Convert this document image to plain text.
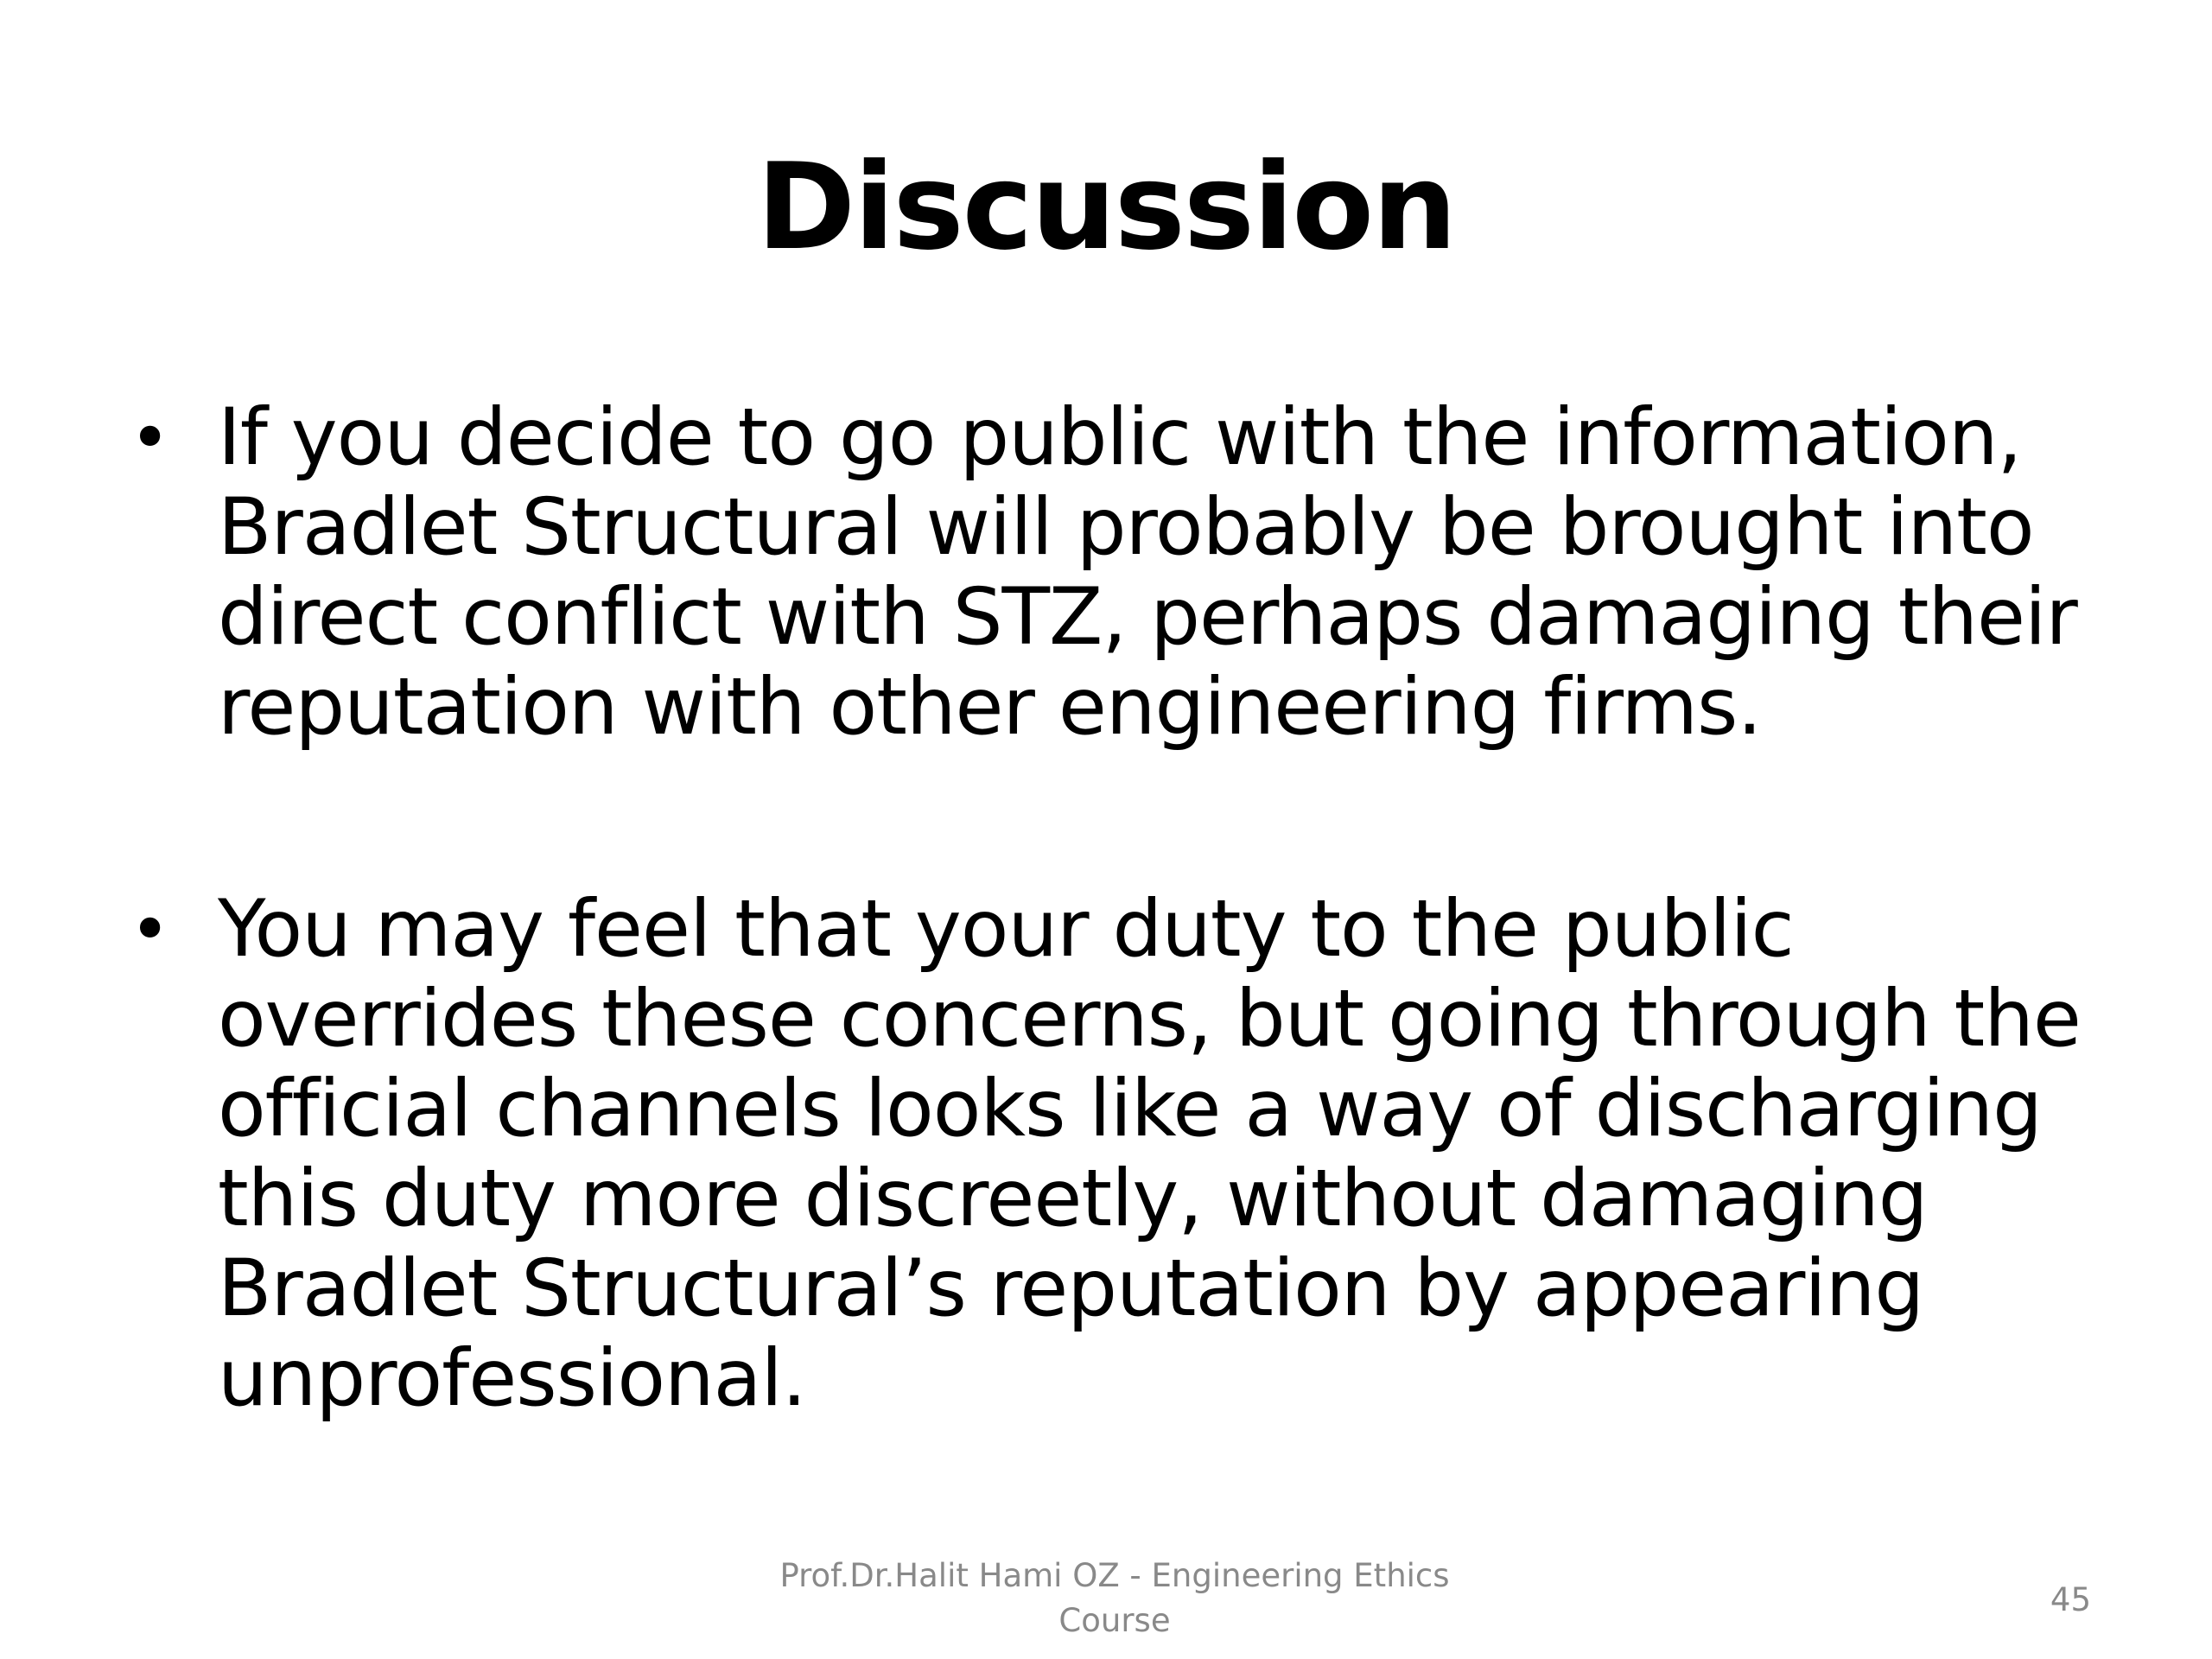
Discussion
• If you decide to go public with the information, Bradlet Structural will probably be brought into direct conflict with STZ, perhaps damaging their reputation with other engineering firms.
• You may feel that your duty to the public overrides these concerns, but going through the official channels looks like a way of discharging this duty more discreetly, without damaging Bradlet Structural’s reputation by appearing unprofessional.
Prof.Dr.Halit Hami OZ - Engineering Ethics Course
45
